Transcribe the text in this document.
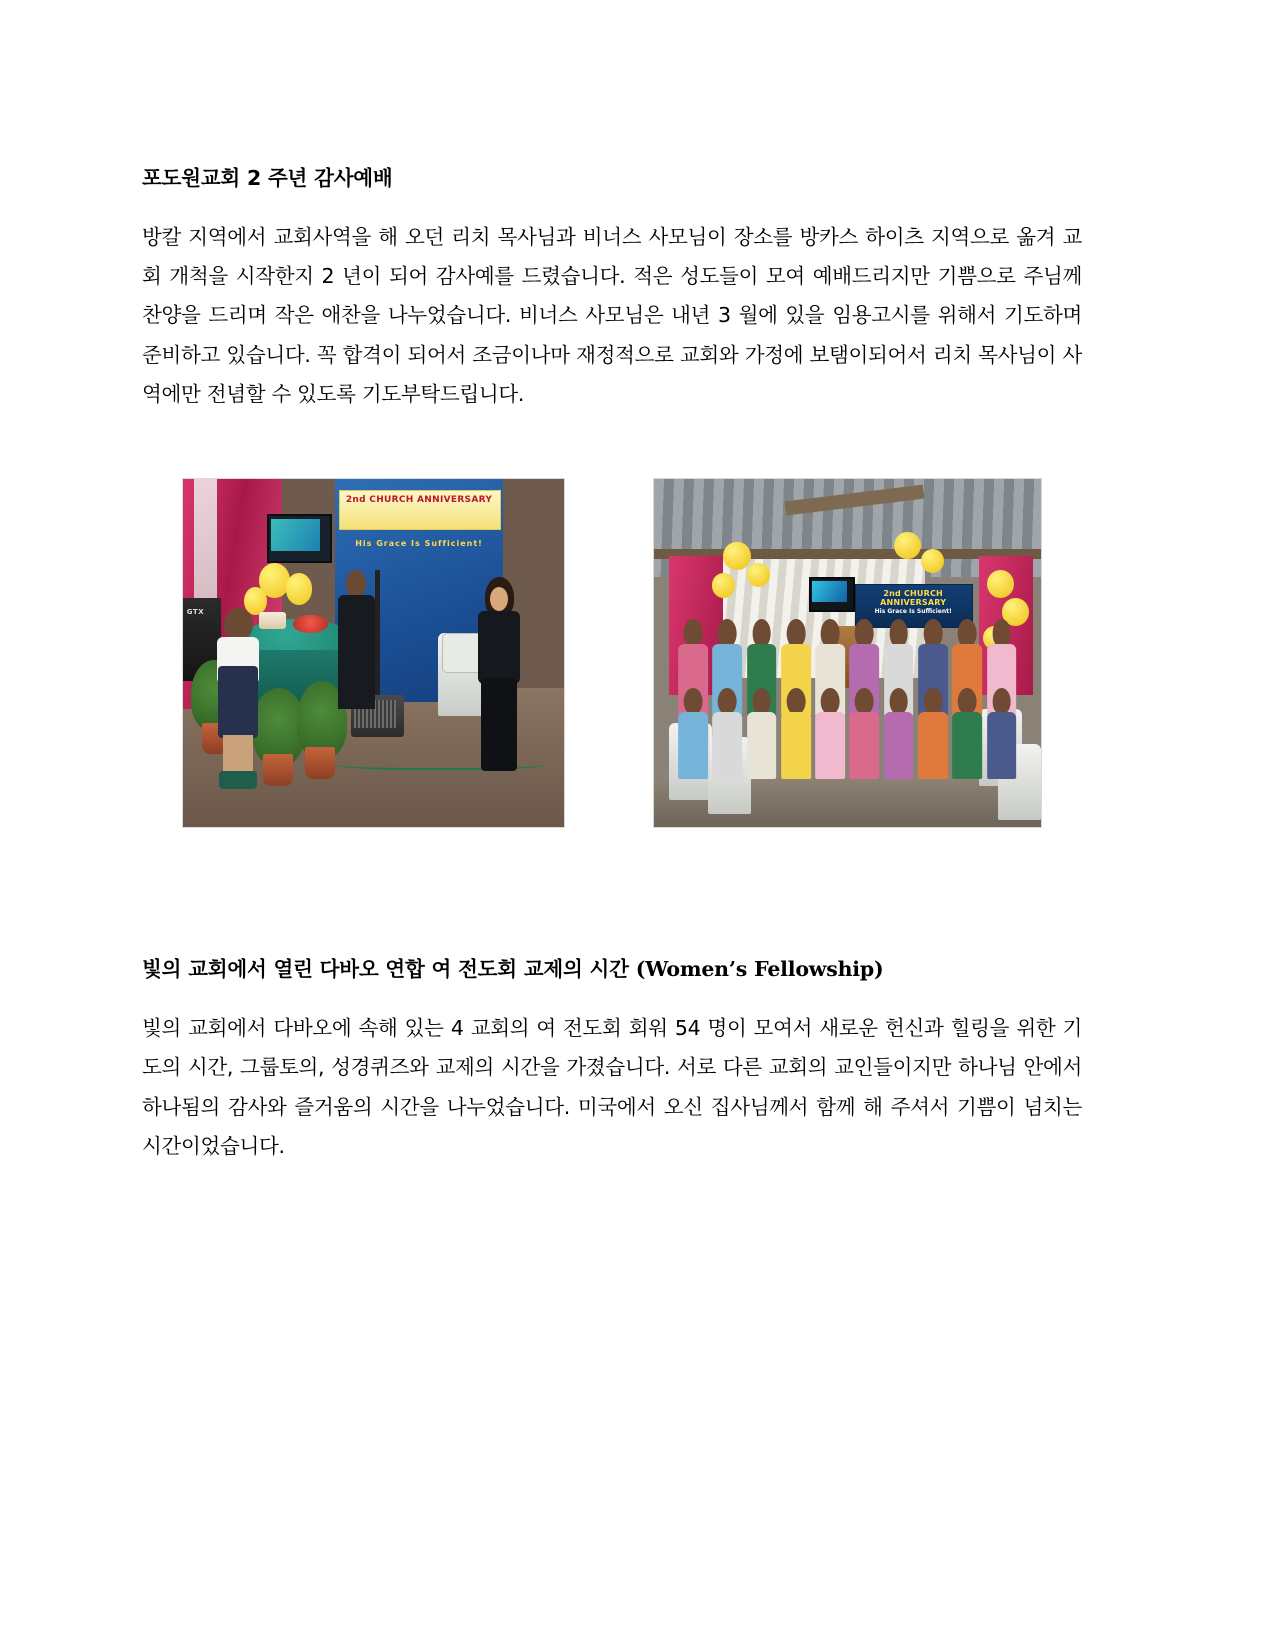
포도원교회 2 주년 감사예배

방칼 지역에서 교회사역을 해 오던 리치 목사님과 비너스 사모님이 장소를 방카스 하이츠 지역으로 옮겨 교회 개척을 시작한지 2 년이 되어 감사예를 드렸습니다. 적은 성도들이 모여 예배드리지만 기쁨으로 주님께 찬양을 드리며 작은 애찬을 나누었습니다. 비너스 사모님은 내년 3 월에 있을 임용고시를 위해서 기도하며 준비하고 있습니다. 꼭 합격이 되어서 조금이나마 재정적으로 교회와 가정에 보탬이되어서 리치 목사님이 사역에만 전념할 수 있도록 기도부탁드립니다.

2nd CHURCH ANNIVERSARY
His Grace Is Sufficient!
GTX
2nd CHURCH ANNIVERSARY
His Grace Is Sufficient!
빛의 교회에서 열린 다바오 연합 여 전도회 교제의 시간 (Women’s Fellowship)

빛의 교회에서 다바오에 속해 있는 4 교회의 여 전도회 회워 54 명이 모여서 새로운 헌신과 힐링을 위한 기도의 시간, 그룹토의, 성경퀴즈와 교제의 시간을 가졌습니다. 서로 다른 교회의 교인들이지만 하나님 안에서 하나됨의 감사와 즐거움의 시간을 나누었습니다. 미국에서 오신 집사님께서 함께 해 주셔서 기쁨이 넘치는 시간이었습니다.
